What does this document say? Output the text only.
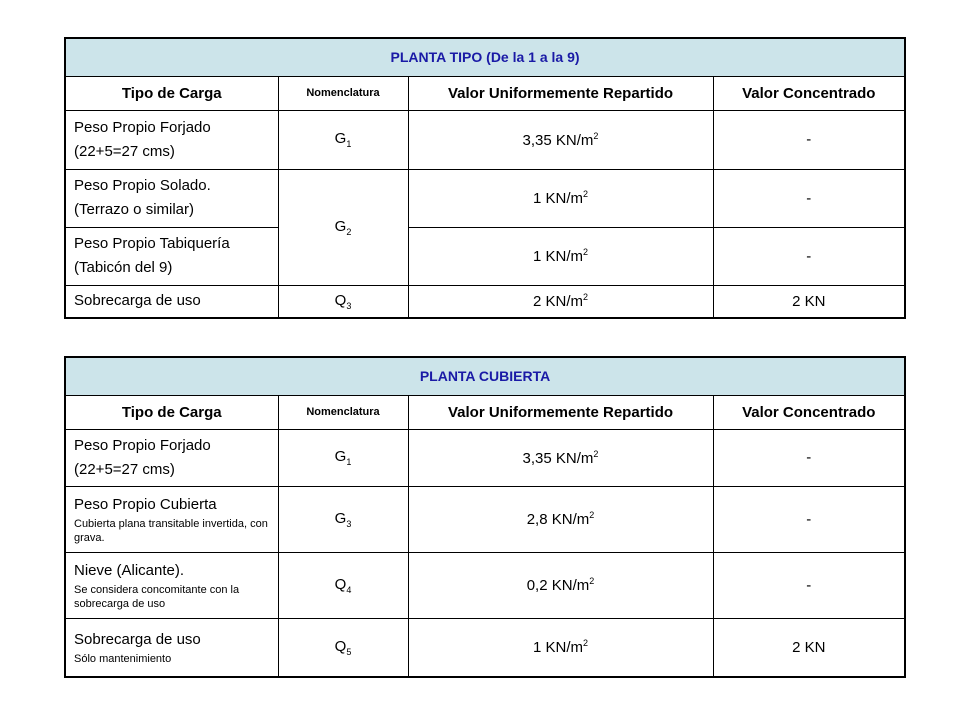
PLANTA TIPO (De la 1 a la 9)			
Tipo de Carga	Nomenclatura	Valor Uniformemente Repartido	Valor Concentrado
Peso Propio Forjado
(22+5=27 cms)	$G_1$	3,35 $KN/m^2$	-
Peso Propio Solado.
(Terrazo o similar)	$G_2$	1 $KN/m^2$	-
Peso Propio Tabiquería
(Tabicón del 9)		1 $KN/m^2$	-
Sobrecarga de uso	$Q_3$	2 $KN/m^2$	2 KN
PLANTA CUBIERTA			
Tipo de Carga	Nomenclatura	Valor Uniformemente Repartido	Valor Concentrado
Peso Propio Forjado
(22+5=27 cms)	$G_1$	3,35 $KN/m^2$	-
Peso Propio Cubierta
Cubierta plana transitable invertida, con grava.	$G_3$	2,8 $KN/m^2$	-
Nieve (Alicante).
Se considera concomitante con la sobrecarga de uso	$Q_4$	0,2 $KN/m^2$	-
Sobrecarga de uso
Sólo mantenimiento	$Q_5$	1 $KN/m^2$	2 KN
